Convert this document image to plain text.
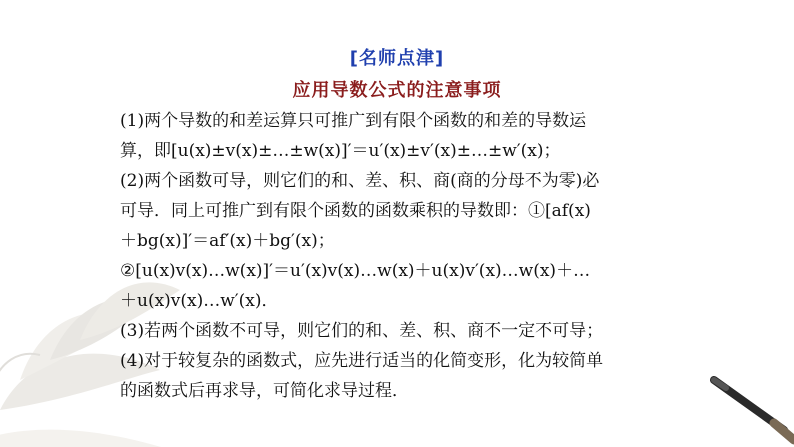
[名师点津]
应用导数公式的注意事项
(1)两个导数的和差运算只可推广到有限个函数的和差的导数运
算，即[u(x)±v(x)±…±w(x)]′＝u′(x)±v′(x)±…±w′(x)；
(2)两个函数可导，则它们的和、差、积、商(商的分母不为零)必
可导．同上可推广到有限个函数的函数乘积的导数即：①[af(x)
＋bg(x)]′＝af′(x)＋bg′(x)；
②[u(x)v(x)…w(x)]′＝u′(x)v(x)…w(x)＋u(x)v′(x)…w(x)＋…
＋u(x)v(x)…w′(x)．
(3)若两个函数不可导，则它们的和、差、积、商不一定不可导；
(4)对于较复杂的函数式，应先进行适当的化简变形，化为较简单
的函数式后再求导，可简化求导过程．
